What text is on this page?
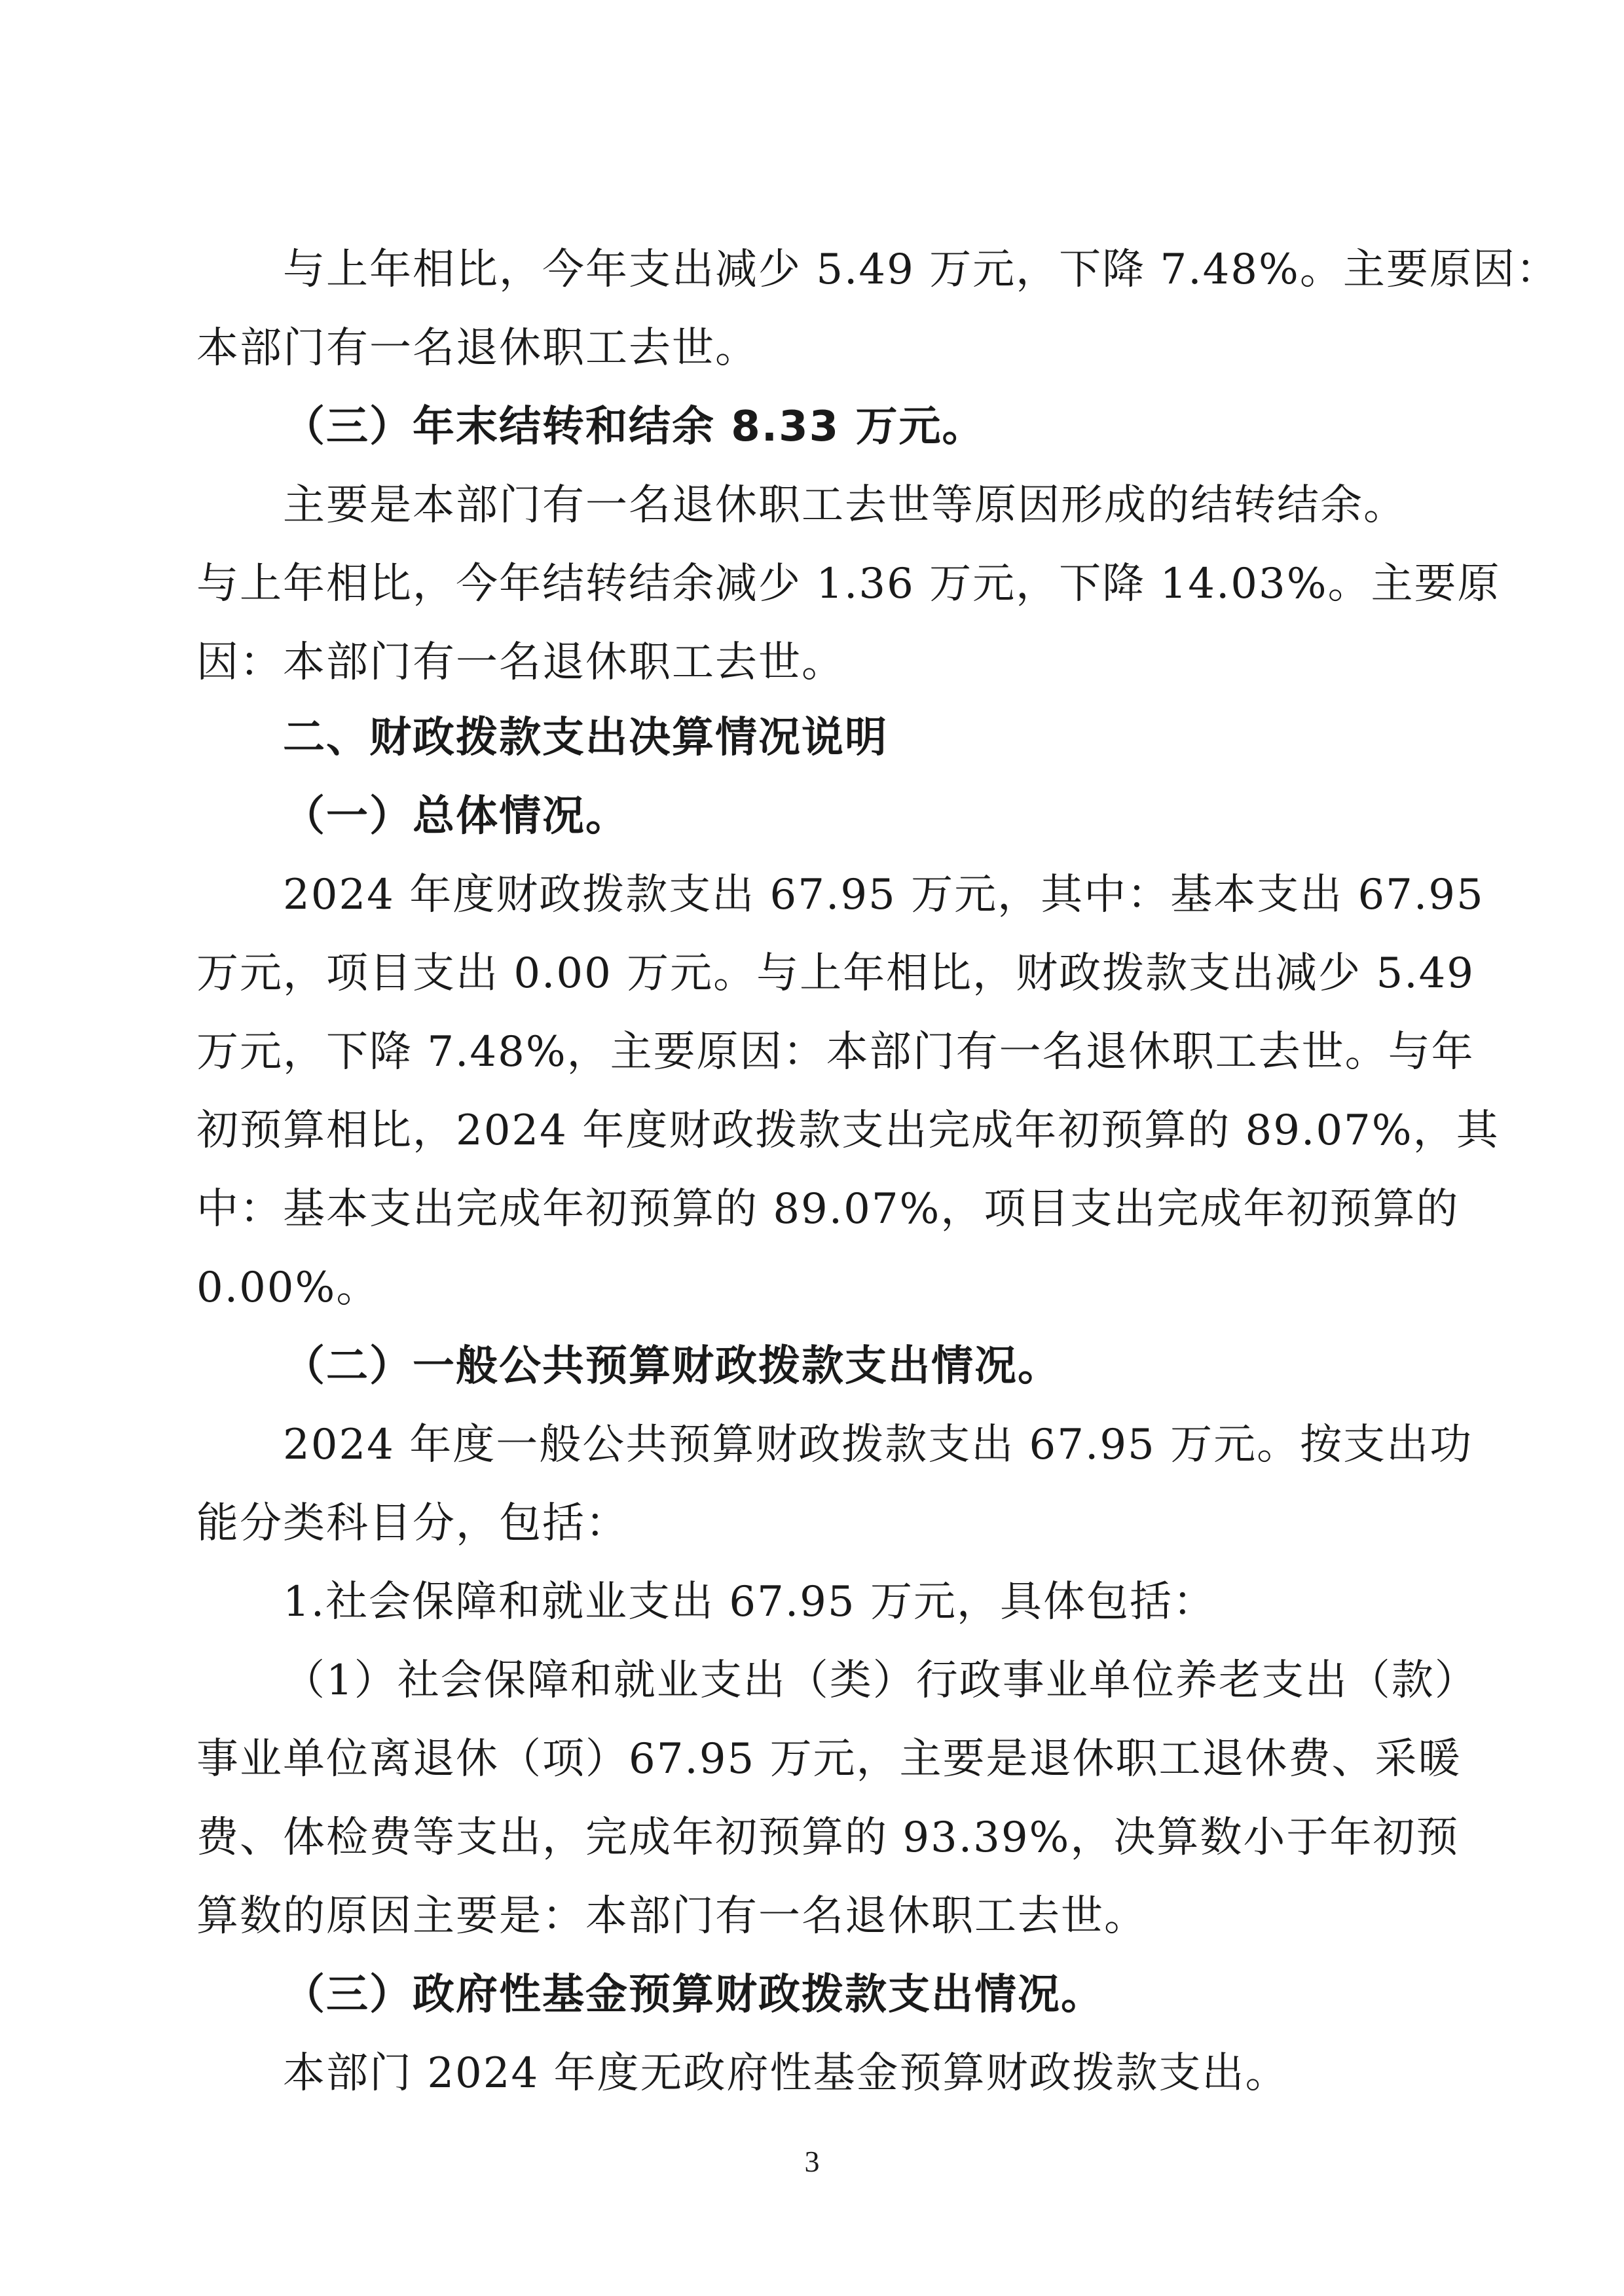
与上年相比，今年支出减少 5.49 万元，下降 7.48%。主要原因：
本部门有一名退休职工去世。
（三）年末结转和结余 8.33 万元。
主要是本部门有一名退休职工去世等原因形成的结转结余。
与上年相比，今年结转结余减少 1.36 万元，下降 14.03%。主要原
因：本部门有一名退休职工去世。
二、财政拨款支出决算情况说明
（一）总体情况。
2024 年度财政拨款支出 67.95 万元，其中：基本支出 67.95
万元，项目支出 0.00 万元。与上年相比，财政拨款支出减少 5.49
万元，下降 7.48%，主要原因：本部门有一名退休职工去世。与年
初预算相比，2024 年度财政拨款支出完成年初预算的 89.07%，其
中：基本支出完成年初预算的 89.07%，项目支出完成年初预算的
0.00%。
（二）一般公共预算财政拨款支出情况。
2024 年度一般公共预算财政拨款支出 67.95 万元。按支出功
能分类科目分，包括：
1.社会保障和就业支出 67.95 万元，具体包括：
（1）社会保障和就业支出（类）行政事业单位养老支出（款）
事业单位离退休（项）67.95 万元，主要是退休职工退休费、采暖
费、体检费等支出，完成年初预算的 93.39%，决算数小于年初预
算数的原因主要是：本部门有一名退休职工去世。
（三）政府性基金预算财政拨款支出情况。
本部门 2024 年度无政府性基金预算财政拨款支出。
3
